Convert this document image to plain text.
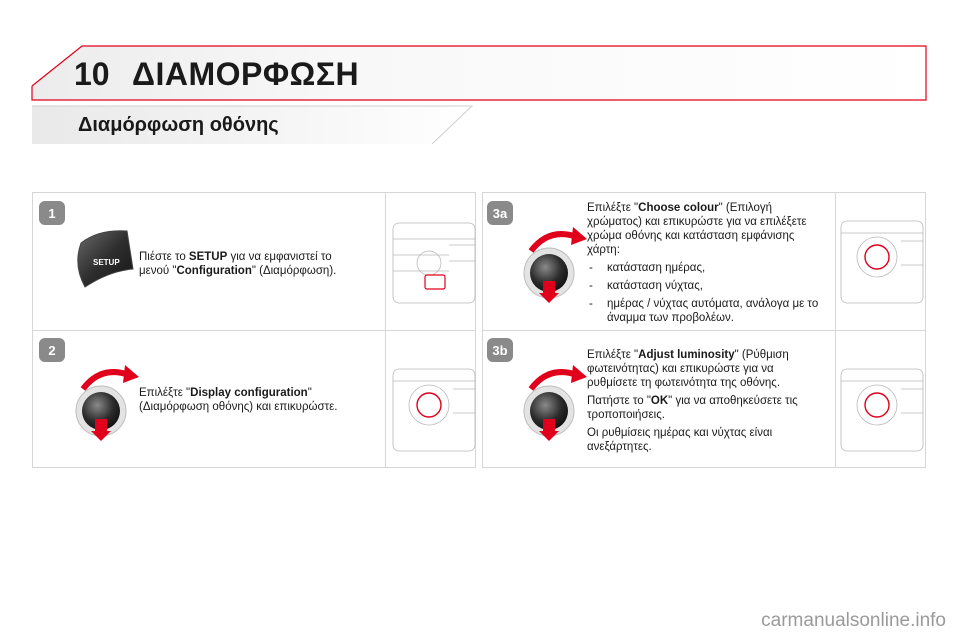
10 ΔΙΑΜΟΡΦΩΣΗ
Διαμόρφωση οθόνης
1
SETUP Πιέστε το SETUP για να εμφανιστεί το
μενού "Configuration" (Διαμόρφωση).
2
Επιλέξτε "Display configuration"
(Διαμόρφωση οθόνης) και επικυρώστε.
3a	Επιλέξτε "Choose colour" (Επιλογή χρώματος) και επικυρώστε για να επιλέξετε χρώμα οθόνης και κατάσταση εμφάνισης χάρτη:

- κατάσταση ημέρας,
- κατάσταση νύχτας,
- ημέρας / νύχτας αυτόματα, ανάλογα με το άναμμα των προβολέων.
3b	Επιλέξτε "Adjust luminosity" (Ρύθμιση φωτεινότητας) και επικυρώστε για να ρυθμίσετε τη φωτεινότητα της οθόνης.

Πατήστε το "OK" για να αποθηκεύσετε τις τροποποιήσεις.

Οι ρυθμίσεις ημέρας και νύχτας είναι ανεξάρτητες.

carmanualsonline.info
